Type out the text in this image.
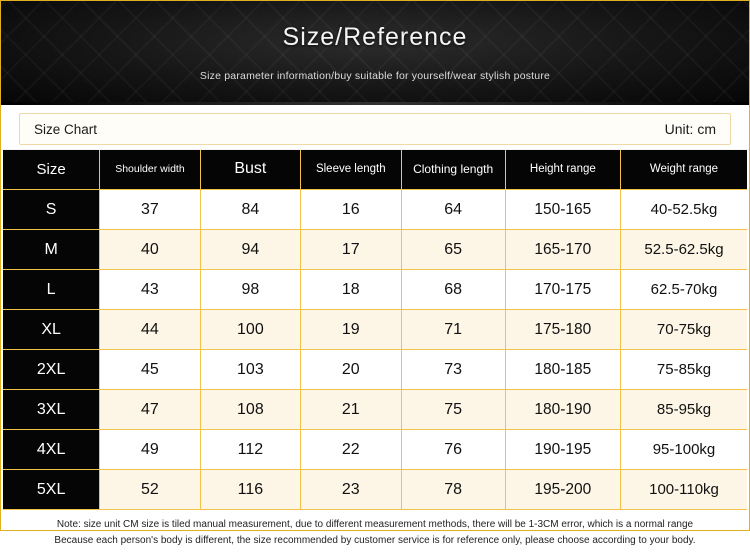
Size/Reference
Size parameter information/buy suitable for yourself/wear stylish posture
Size Chart	Unit: cm
Size	Shoulder width	Bust	Sleeve length	Clothing length	Height range	Weight range
S	37	84	16	64	150-165	40-52.5kg
M	40	94	17	65	165-170	52.5-62.5kg
L	43	98	18	68	170-175	62.5-70kg
XL	44	100	19	71	175-180	70-75kg
2XL	45	103	20	73	180-185	75-85kg
3XL	47	108	21	75	180-190	85-95kg
4XL	49	112	22	76	190-195	95-100kg
5XL	52	116	23	78	195-200	100-110kg

Note: size unit CM size is tiled manual measurement, due to different measurement methods, there will be 1-3CM error, which is a normal range

Because each person's body is different, the size recommended by customer service is for reference only, please choose according to your body.
